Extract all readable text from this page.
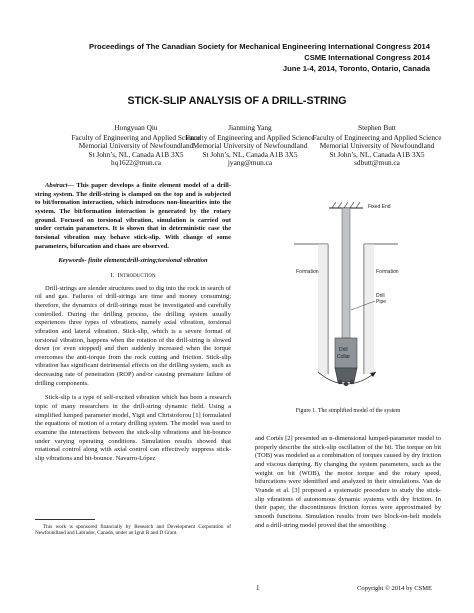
Proceedings of The Canadian Society for Mechanical Engineering International Congress 2014
CSME International Congress 2014
June 1-4, 2014, Toronto, Ontario, Canada
STICK-SLIP ANALYSIS OF A DRILL-STRING
Hongyuan Qiu
Faculty of Engineering and Applied Science
Memorial University of Newfoundland
St John’s, NL, Canada A1B 3X5
hq1622@mun.ca
Jianming Yang
Faculty of Engineering and Applied Science
Memorial University of Newfoundland
St John’s, NL, Canada A1B 3X5
jyang@mun.ca
Stephen Butt
Faculty of Engineering and Applied Science
Memorial University of Newfoundland
St John’s, NL, Canada A1B 3X5
sdbutt@mun.ca

Abstract— This paper develops a finite element model of a drill-string system. The drill-string is clamped on the top and is subjected to bit/formation interaction, which introduces non-linearities into the system. The bit/formation interaction is generated by the rotary ground. Focused on torsional vibration, simulation is carried out under certain parameters. It is shown that in deterministic case the torsional vibration may behave stick-slip. With change of some parameters, bifurcation and chaos are observed.

Keywords- finite element;drill-string;torsional vibration

I. Introduction

Drill-strings are slender structures used to dig into the rock in search of oil and gas. Failures of drill-strings are time and money consuming; therefore, the dynamics of drill-strings must be investigated and carefully controlled. During the drilling process, the drilling system usually experiences three types of vibrations, namely axial vibration, torsional vibration and lateral vibration. Stick-slip, which is a severe format of torsional vibration, happens when the rotation of the drill-string is slowed down (or even stopped) and then suddenly increased when the torque overcomes the anti-torque from the rock cutting and friction. Stick-slip vibration has significant detrimental effects on the drilling system, such as decreasing rate of penetration (ROP) and/or causing premature failure of drilling components.

Stick-slip is a type of self-excited vibration which has been a research topic of many researchers in the drill-string dynamic field. Using a simplified lumped parameter model, Yigit and Christoforou [1] formulated the equations of motion of a rotary drilling system. The model was used to examine the interactions between the stick-slip vibrations and bit-bounce under varying operating conditions. Simulation results showed that rotational control along with axial control can effectively suppress stick-slip vibrations and bit-bounce. Navarro-López

This work is sponsored financially by Research and Development Corporation of Newfoundland and Labrador, Canada, under an Ignit R and D Grant.
Fixed End
Formation	Formation
Drill
Pipe
Drill
Collar
Figure 1. The simplified model of the system

and Cortés [2] presented an n-dimensional lumped-parameter model to properly describe the stick-slip oscillation of the bit. The torque on bit (TOB) was modeled as a combination of torques caused by dry friction and viscous damping. By changing the system parameters, such as the weight on bit (WOB), the motor torque and the rotary speed, bifurcations were identified and analyzed in their simulations. Van de Vrande et al. [3] proposed a systematic procedure to study the stick-slip vibrations of autonomous dynamic systems with dry friction. In their paper, the discontinuous friction forces were approximated by smooth functions. Simulation results from two block-on-belt models and a drill-string model proved that the smoothing

1	Copyright © 2014 by CSME
